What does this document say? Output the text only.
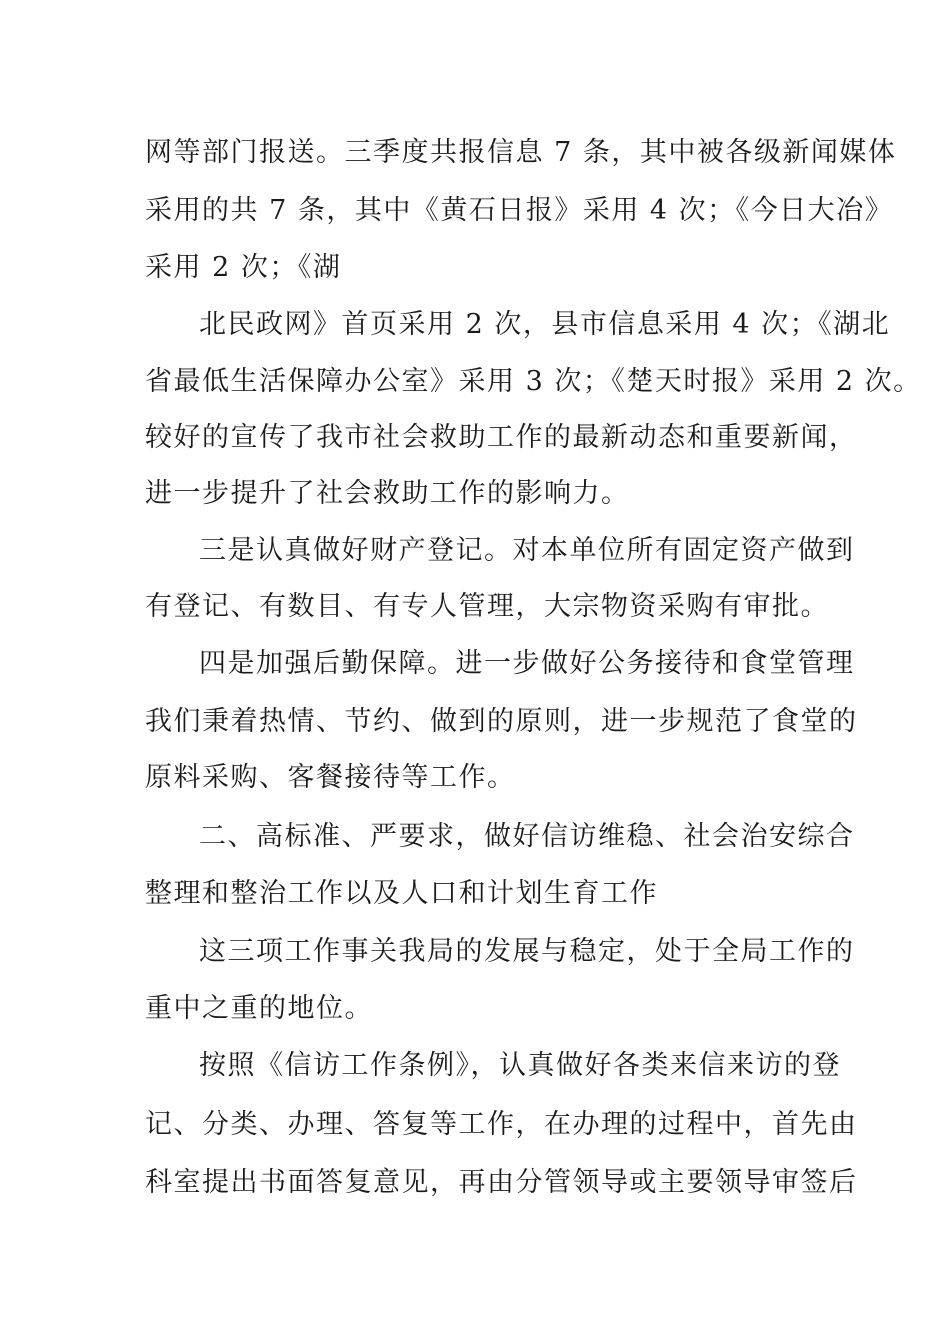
网等部门报送。三季度共报信息 7 条，其中被各级新闻媒体
采用的共 7 条，其中《黄石日报》采用 4 次；《今日大冶》
采用 2 次；《湖
北民政网》首页采用 2 次，县市信息采用 4 次；《湖北
省最低生活保障办公室》采用 3 次；《楚天时报》采用 2 次。
较好的宣传了我市社会救助工作的最新动态和重要新闻，
进一步提升了社会救助工作的影响力。
三是认真做好财产登记。对本单位所有固定资产做到
有登记、有数目、有专人管理，大宗物资采购有审批。
四是加强后勤保障。进一步做好公务接待和食堂管理
我们秉着热情、节约、做到的原则，进一步规范了食堂的
原料采购、客餐接待等工作。
二、高标准、严要求，做好信访维稳、社会治安综合
整理和整治工作以及人口和计划生育工作
这三项工作事关我局的发展与稳定，处于全局工作的
重中之重的地位。
按照《信访工作条例》，认真做好各类来信来访的登
记、分类、办理、答复等工作，在办理的过程中，首先由
科室提出书面答复意见，再由分管领导或主要领导审签后
